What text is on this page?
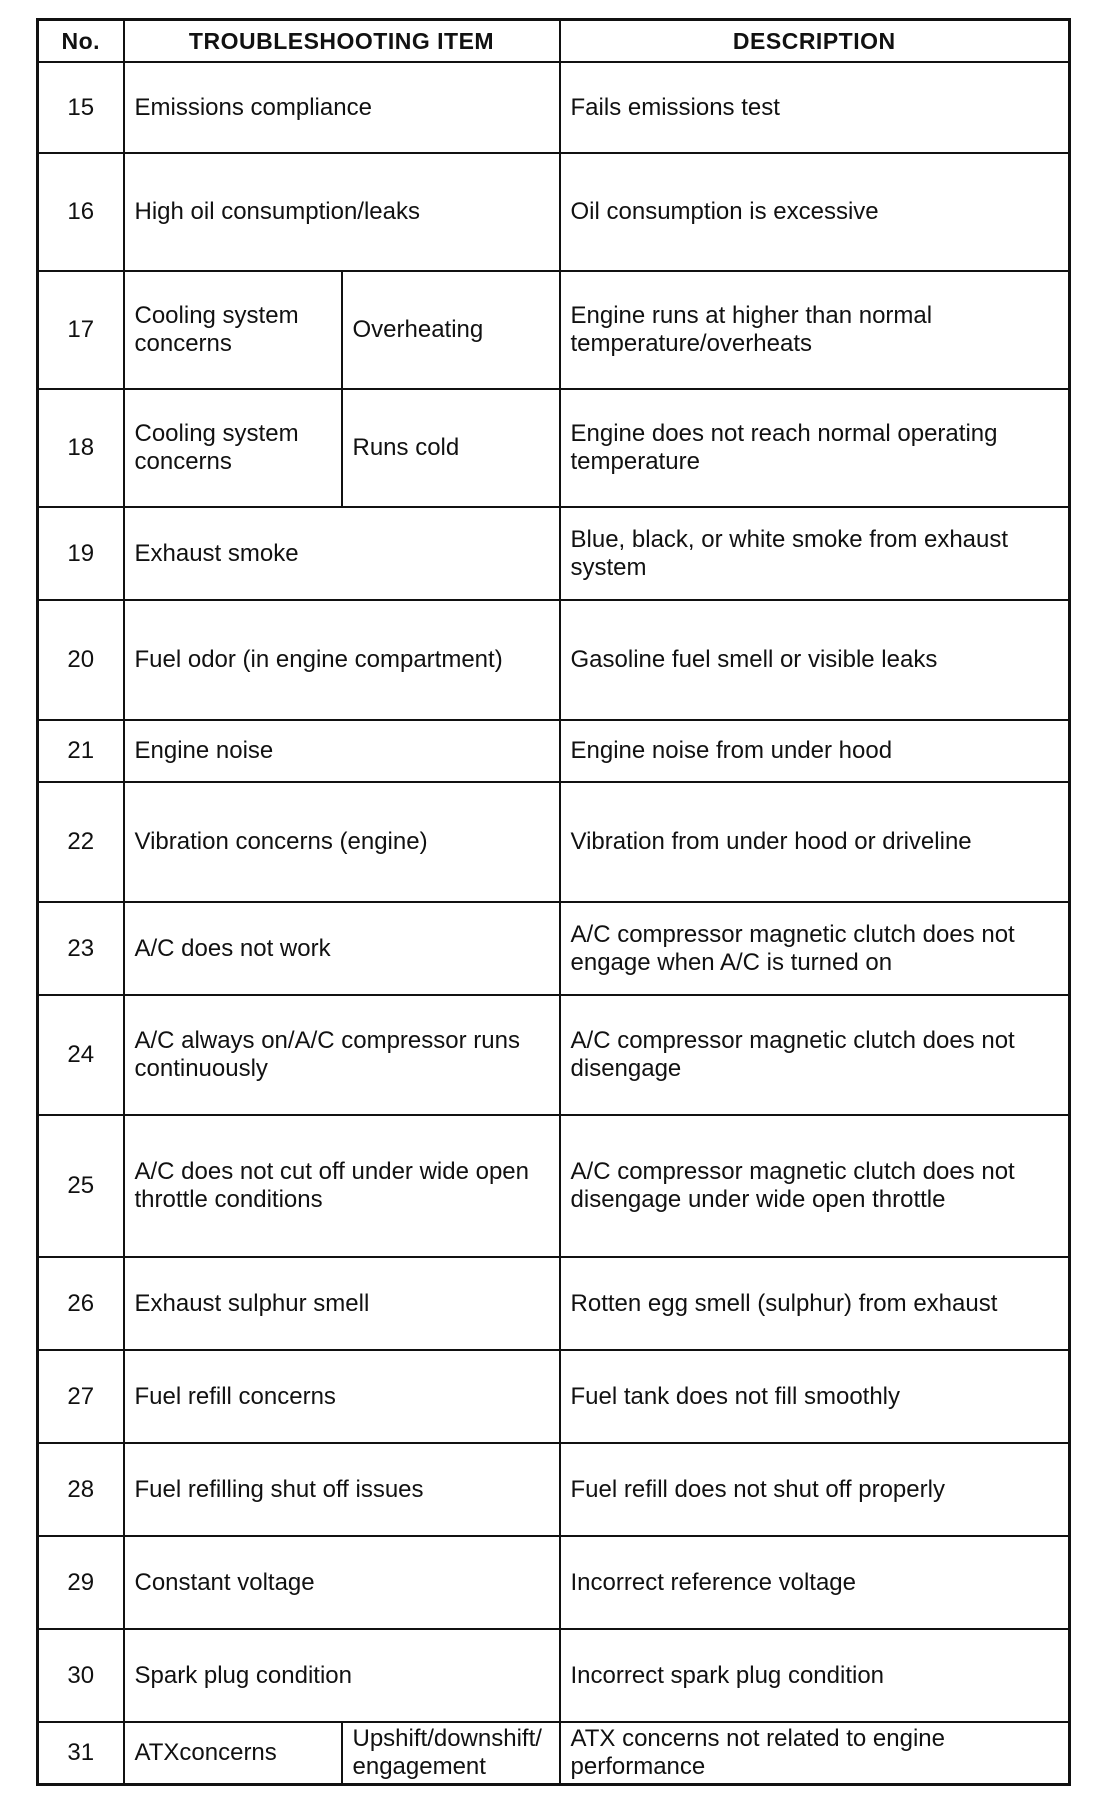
No.	TROUBLESHOOTING ITEM		DESCRIPTION
15	Emissions compliance		Fails emissions test
16	High oil consumption/leaks		Oil consumption is excessive
17	Cooling system concerns	Overheating	Engine runs at higher than normal temperature/overheats
18	Cooling system concerns	Runs cold	Engine does not reach normal operating temperature
19	Exhaust smoke		Blue, black, or white smoke from exhaust system
20	Fuel odor (in engine compartment)		Gasoline fuel smell or visible leaks
21	Engine noise		Engine noise from under hood
22	Vibration concerns (engine)		Vibration from under hood or driveline
23	A/C does not work		A/C compressor magnetic clutch does not engage when A/C is turned on
24	A/C always on/A/C compressor runs continuously		A/C compressor magnetic clutch does not disengage
25	A/C does not cut off under wide open throttle conditions		A/C compressor magnetic clutch does not disengage under wide open throttle
26	Exhaust sulphur smell		Rotten egg smell (sulphur) from exhaust
27	Fuel refill concerns		Fuel tank does not fill smoothly
28	Fuel refilling shut off issues		Fuel refill does not shut off properly
29	Constant voltage		Incorrect reference voltage
30	Spark plug condition		Incorrect spark plug condition
31	ATXconcerns	Upshift/downshift/ engagement	ATX concerns not related to engine performance
